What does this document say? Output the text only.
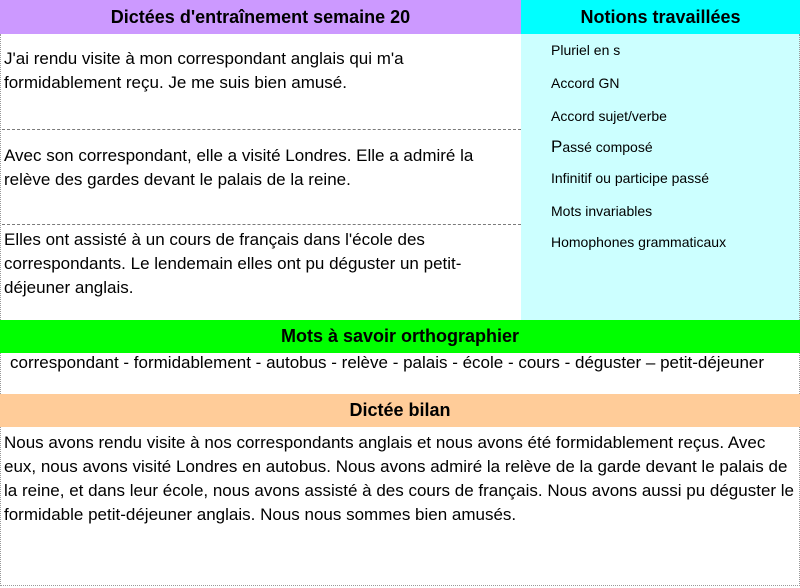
Dictées d'entraînement semaine 20	Notions travaillées
J'ai rendu visite à mon correspondant anglais qui m'a formidablement reçu. Je me suis bien amusé.
Avec son correspondant, elle a visité Londres. Elle a admiré la relève des gardes devant le palais de la reine.
Elles ont assisté à un cours de français dans l'école des correspondants. Le lendemain elles ont pu déguster un petit-déjeuner anglais.
Pluriel en s
Accord GN
Accord sujet/verbe
Passé composé
Infinitif ou participe passé
Mots invariables
Homophones grammaticaux
Mots à savoir orthographier
correspondant - formidablement - autobus - relève - palais - école - cours - déguster – petit-déjeuner
Dictée bilan
Nous avons rendu visite à nos correspondants anglais et nous avons été formidablement reçus. Avec eux, nous avons visité Londres en autobus. Nous avons admiré la relève de la garde devant le palais de la reine, et dans leur école, nous avons assisté à des cours de français. Nous avons aussi pu déguster le formidable petit-déjeuner anglais. Nous nous sommes bien amusés.
